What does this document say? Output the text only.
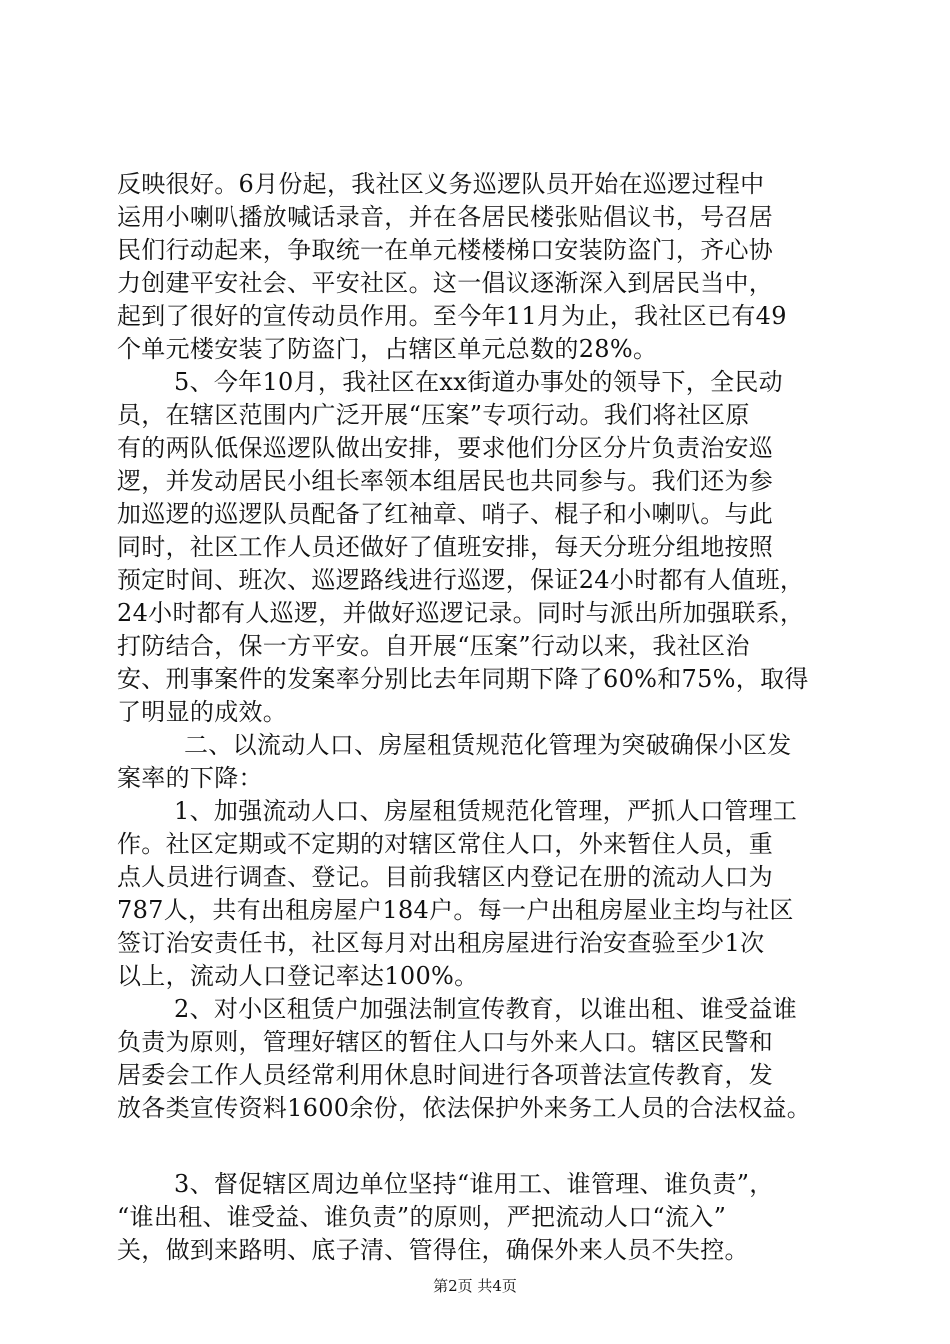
反映很好。6月份起，我社区义务巡逻队员开始在巡逻过程中
运用小喇叭播放喊话录音，并在各居民楼张贴倡议书，号召居
民们行动起来，争取统一在单元楼楼梯口安装防盗门，齐心协
力创建平安社会、平安社区。这一倡议逐渐深入到居民当中，
起到了很好的宣传动员作用。至今年11月为止，我社区已有49
个单元楼安装了防盗门，占辖区单元总数的28%。
5、今年10月，我社区在xx街道办事处的领导下，全民动
员，在辖区范围内广泛开展“压案”专项行动。我们将社区原
有的两队低保巡逻队做出安排，要求他们分区分片负责治安巡
逻，并发动居民小组长率领本组居民也共同参与。我们还为参
加巡逻的巡逻队员配备了红袖章、哨子、棍子和小喇叭。与此
同时，社区工作人员还做好了值班安排，每天分班分组地按照
预定时间、班次、巡逻路线进行巡逻，保证24小时都有人值班，
24小时都有人巡逻，并做好巡逻记录。同时与派出所加强联系，
打防结合，保一方平安。自开展“压案”行动以来，我社区治
安、刑事案件的发案率分别比去年同期下降了60%和75%，取得
了明显的成效。
二、以流动人口、房屋租赁规范化管理为突破确保小区发
案率的下降：
1、加强流动人口、房屋租赁规范化管理，严抓人口管理工
作。社区定期或不定期的对辖区常住人口，外来暂住人员，重
点人员进行调查、登记。目前我辖区内登记在册的流动人口为
787人，共有出租房屋户184户。每一户出租房屋业主均与社区
签订治安责任书，社区每月对出租房屋进行治安查验至少1次
以上，流动人口登记率达100%。
2、对小区租赁户加强法制宣传教育，以谁出租、谁受益谁
负责为原则，管理好辖区的暂住人口与外来人口。辖区民警和
居委会工作人员经常利用休息时间进行各项普法宣传教育，发
放各类宣传资料1600余份，依法保护外来务工人员的合法权益。
3、督促辖区周边单位坚持“谁用工、谁管理、谁负责”，
“谁出租、谁受益、谁负责”的原则，严把流动人口“流入”
关，做到来路明、底子清、管得住，确保外来人员不失控。
第2页 共4页
